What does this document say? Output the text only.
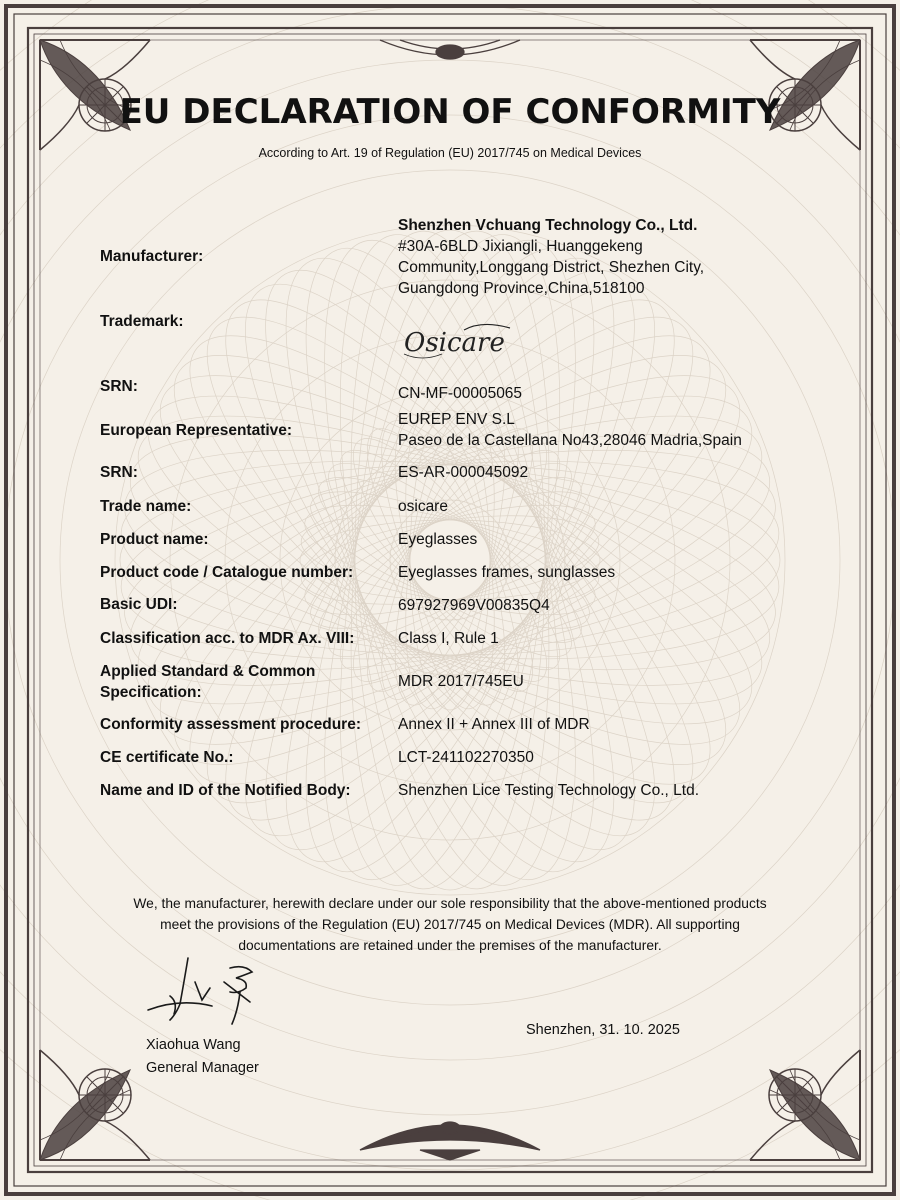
EU DECLARATION OF CONFORMITY
According to Art. 19 of Regulation (EU) 2017/745 on Medical Devices
Manufacturer:
Shenzhen Vchuang Technology Co., Ltd.
#30A-6BLD Jixiangli, Huanggekeng
Community,Longgang District, Shezhen City,
Guangdong Province,China,518100
Trademark:
Osicare
SRN:	CN-MF-00005065
European Representative:
EUREP ENV S.L
Paseo de la Castellana No43,28046 Madria,Spain
SRN:	ES-AR-000045092
Trade name:	osicare
Product name:	Eyeglasses
Product code / Catalogue number:	Eyeglasses frames, sunglasses
Basic UDI:	697927969V00835Q4
Classification acc. to MDR Ax. VIII:	Class I, Rule 1
Applied Standard & Common
Specification:
MDR 2017/745EU
Conformity assessment procedure: Annex II + Annex III of MDR
CE certificate No.:	LCT-241102270350
Name and ID of the Notified Body:	Shenzhen Lice Testing Technology Co., Ltd.
We, the manufacturer, herewith declare under our sole responsibility that the above-mentioned products
meet the provisions of the Regulation (EU) 2017/745 on Medical Devices (MDR). All supporting
documentations are retained under the premises of the manufacturer.
Xiaohua Wang
General Manager
Shenzhen, 31. 10. 2025
